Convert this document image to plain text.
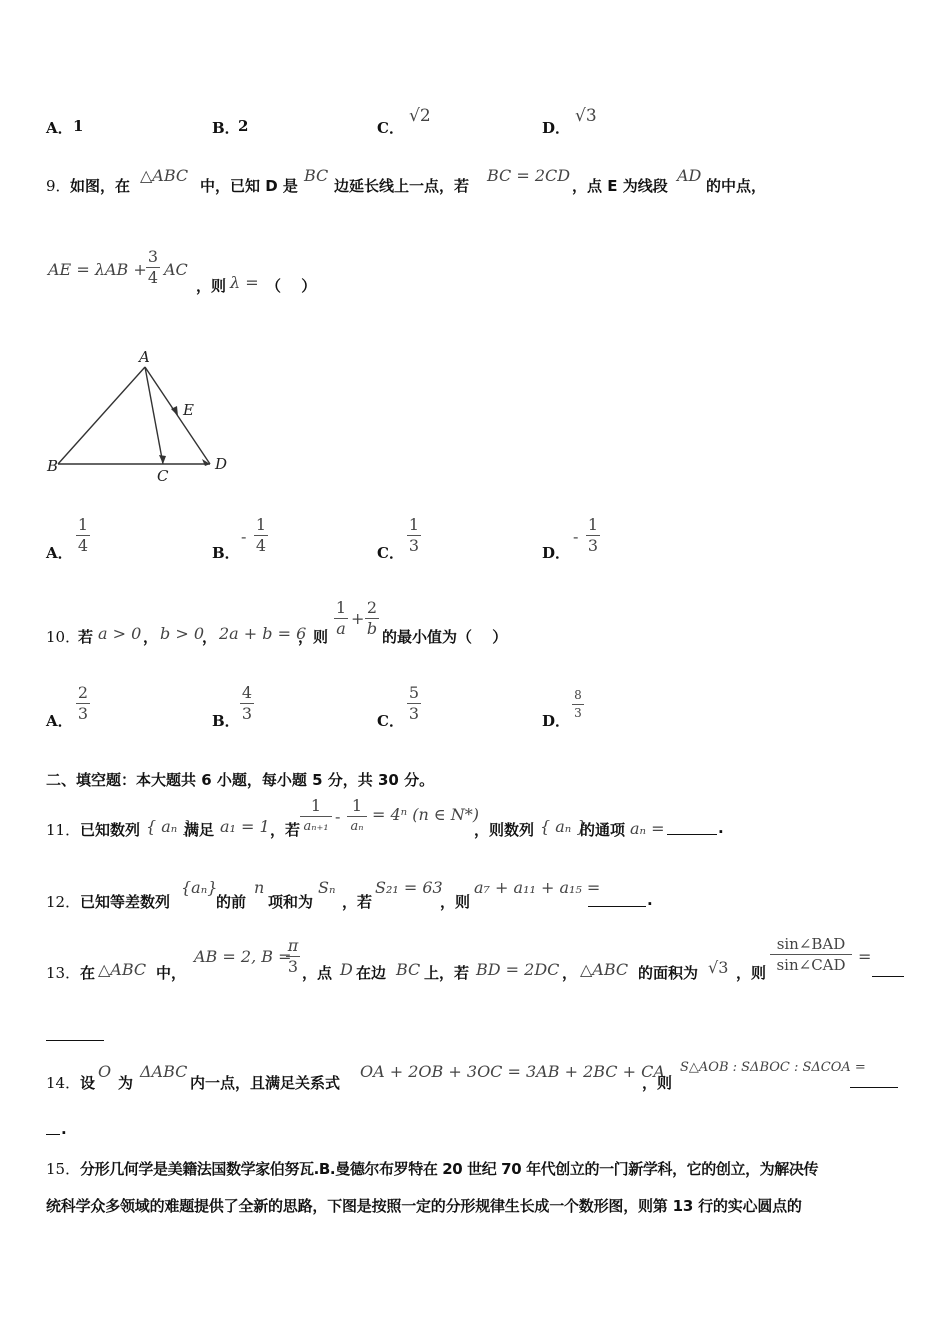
A． 1	B．
2	C．
√2
D．
√3
9． 如图，在
△ABC
中，已知 D 是
BC
边延长线上一点，若
BC = 2CD
，点 E 为线段
AD
的中点，
AE = λAB +
3
4 AC
，则 λ = （　 ）
A
B
C
D
E
A．
1
4	B．
-
1
4	C．
1
3	D．
-
1
3
10．
若 a > 0 ， b > 0
， 2a + b = 6
，则
1
a
+
2
b 的最小值为（　 ）
A．
2
3	B．
4
3	C．
5
3	D．
8
3
二、填空题：本大题共 6 小题，每小题 5 分，共 30 分。
11． 已知数列 { aₙ }
满足 a₁ = 1 ，若
1
aₙ₊₁
-
1
aₙ
= 4ⁿ (n ∈ N*)
，则数列 { aₙ }
的通项 aₙ =	.
12． 已知等差数列
{aₙ}
的前
n
项和为
Sₙ
，若
S₂₁ = 63
，则
a₇ + a₁₁ + a₁₅ =
.
13． 在 △ABC 中，
AB = 2, B =
π
3 ，点 D 在边 BC 上，若 BD = 2DC ， △ABC 的面积为 √3 ，则
sin∠BAD
sin∠CAD =
14． 设
O
为
ΔABC
内一点，且满足关系式
OA + 2OB + 3OC = 3AB + 2BC + CA
，则
S△AOB : SΔBOC : SΔCOA =
.
15． 分形几何学是美籍法国数学家伯努瓦.B.曼德尔布罗特在 20 世纪 70 年代创立的一门新学科，它的创立，为解决传
统科学众多领域的难题提供了全新的思路，下图是按照一定的分形规律生长成一个数形图，则第 13 行的实心圆点的
